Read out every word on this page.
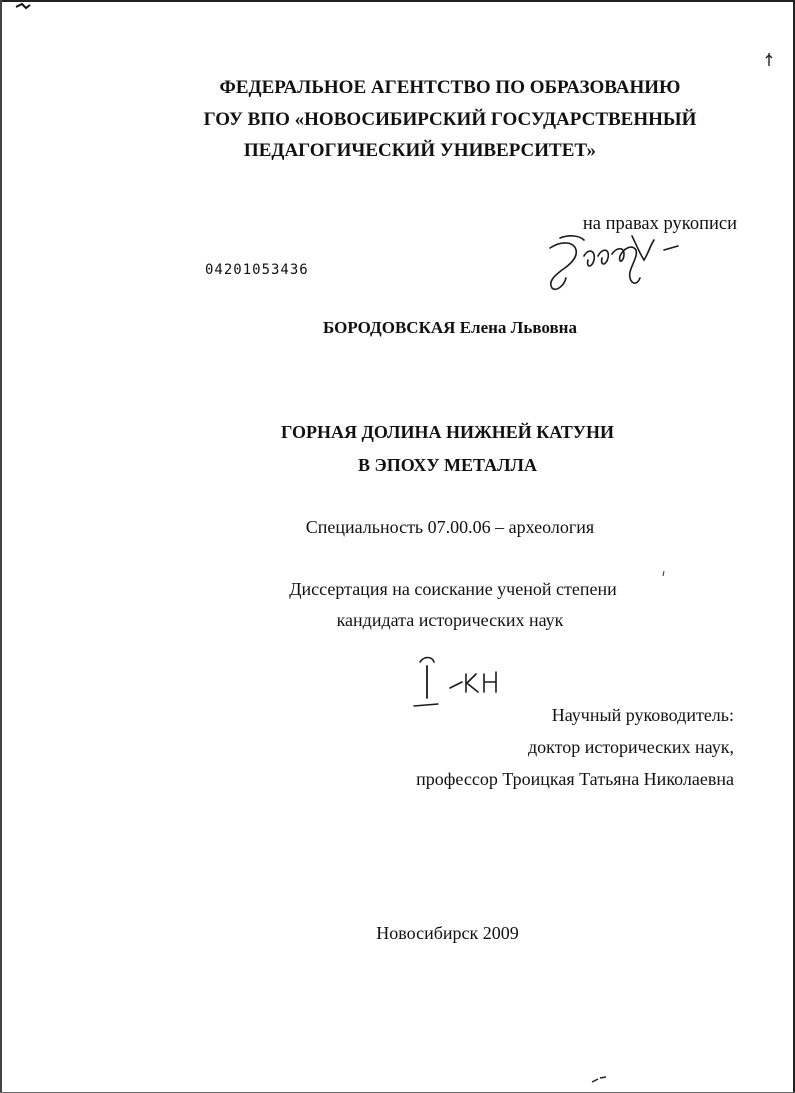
ФЕДЕРАЛЬНОЕ АГЕНТСТВО ПО ОБРАЗОВАНИЮ
ГОУ ВПО «НОВОСИБИРСКИЙ ГОСУДАРСТВЕННЫЙ
ПЕДАГОГИЧЕСКИЙ УНИВЕРСИТЕТ»
на правах рукописи
04201053436
БОРОДОВСКАЯ Елена Львовна
ГОРНАЯ ДОЛИНА НИЖНЕЙ КАТУНИ
В ЭПОХУ МЕТАЛЛА
Специальность 07.00.06 – археология
Диссертация на соискание ученой степени
кандидата исторических наук
Научный руководитель:
доктор исторических наук,
профессор Троицкая Татьяна Николаевна
Новосибирск 2009
